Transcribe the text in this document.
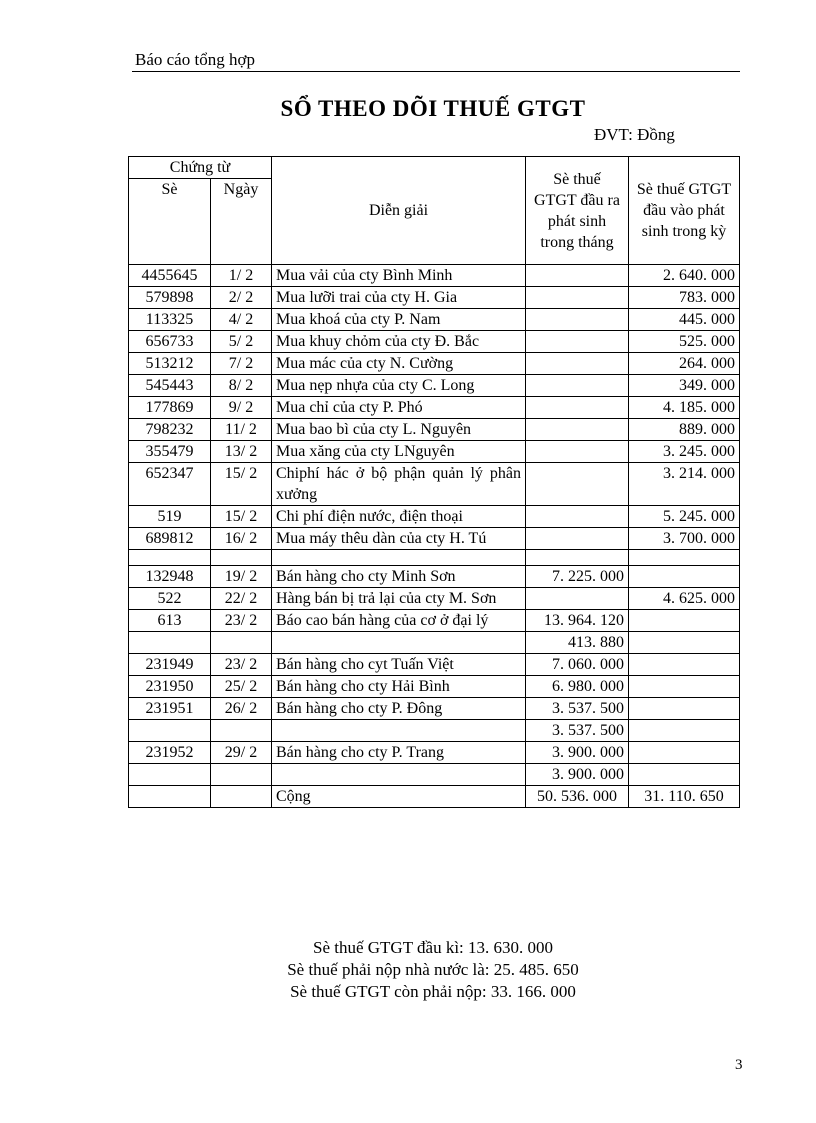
Báo cáo tổng hợp
SỔ THEO DÕI THUẾ GTGT
ĐVT: Đồng
Chứng từ		Diễn giải	Sè thuế GTGT đầu ra phát sinh trong tháng	Sè thuế GTGT đầu vào phát sinh trong kỳ
Sè	Ngày			
4455645	1/ 2	Mua vải của cty Bình Minh		2. 640. 000
579898	2/ 2	Mua lưỡi trai của cty H. Gia		783. 000
113325	4/ 2	Mua khoá của cty P. Nam		445. 000
656733	5/ 2	Mua khuy chỏm của cty Đ. Bắc		525. 000
513212	7/ 2	Mua mác của cty N. Cường		264. 000
545443	8/ 2	Mua nẹp nhựa của cty C. Long		349. 000
177869	9/ 2	Mua chỉ của cty P. Phó		4. 185. 000
798232	11/ 2	Mua bao bì của cty L. Nguyên		889. 000
355479	13/ 2	Mua xăng của cty LNguyên		3. 245. 000
652347	15/ 2	Chiphí hác ở bộ phận quản lý phân xưởng		3. 214. 000
519	15/ 2	Chi phí điện nước, điện thoại		5. 245. 000
689812	16/ 2	Mua máy thêu dàn của cty H. Tú		3. 700. 000

132948	19/ 2	Bán hàng cho cty Minh Sơn	7. 225. 000	
522	22/ 2	Hàng bán bị trả lại của cty M. Sơn		4. 625. 000
613	23/ 2	Báo cao bán hàng của cơ ở đại lý	13. 964. 120	
			413. 880	
231949	23/ 2	Bán hàng cho cyt Tuấn Việt	7. 060. 000	
231950	25/ 2	Bán hàng cho cty Hải Bình	6. 980. 000	
231951	26/ 2	Bán hàng cho cty P. Đông	3. 537. 500	
			3. 537. 500	
231952	29/ 2	Bán hàng cho cty P. Trang	3. 900. 000	
			3. 900. 000	
		Cộng	50. 536. 000	31. 110. 650
Sè thuế GTGT đầu kì: 13. 630. 000
Sè thuế phải nộp nhà nước là: 25. 485. 650
Sè thuế GTGT còn phải nộp: 33. 166. 000
3
